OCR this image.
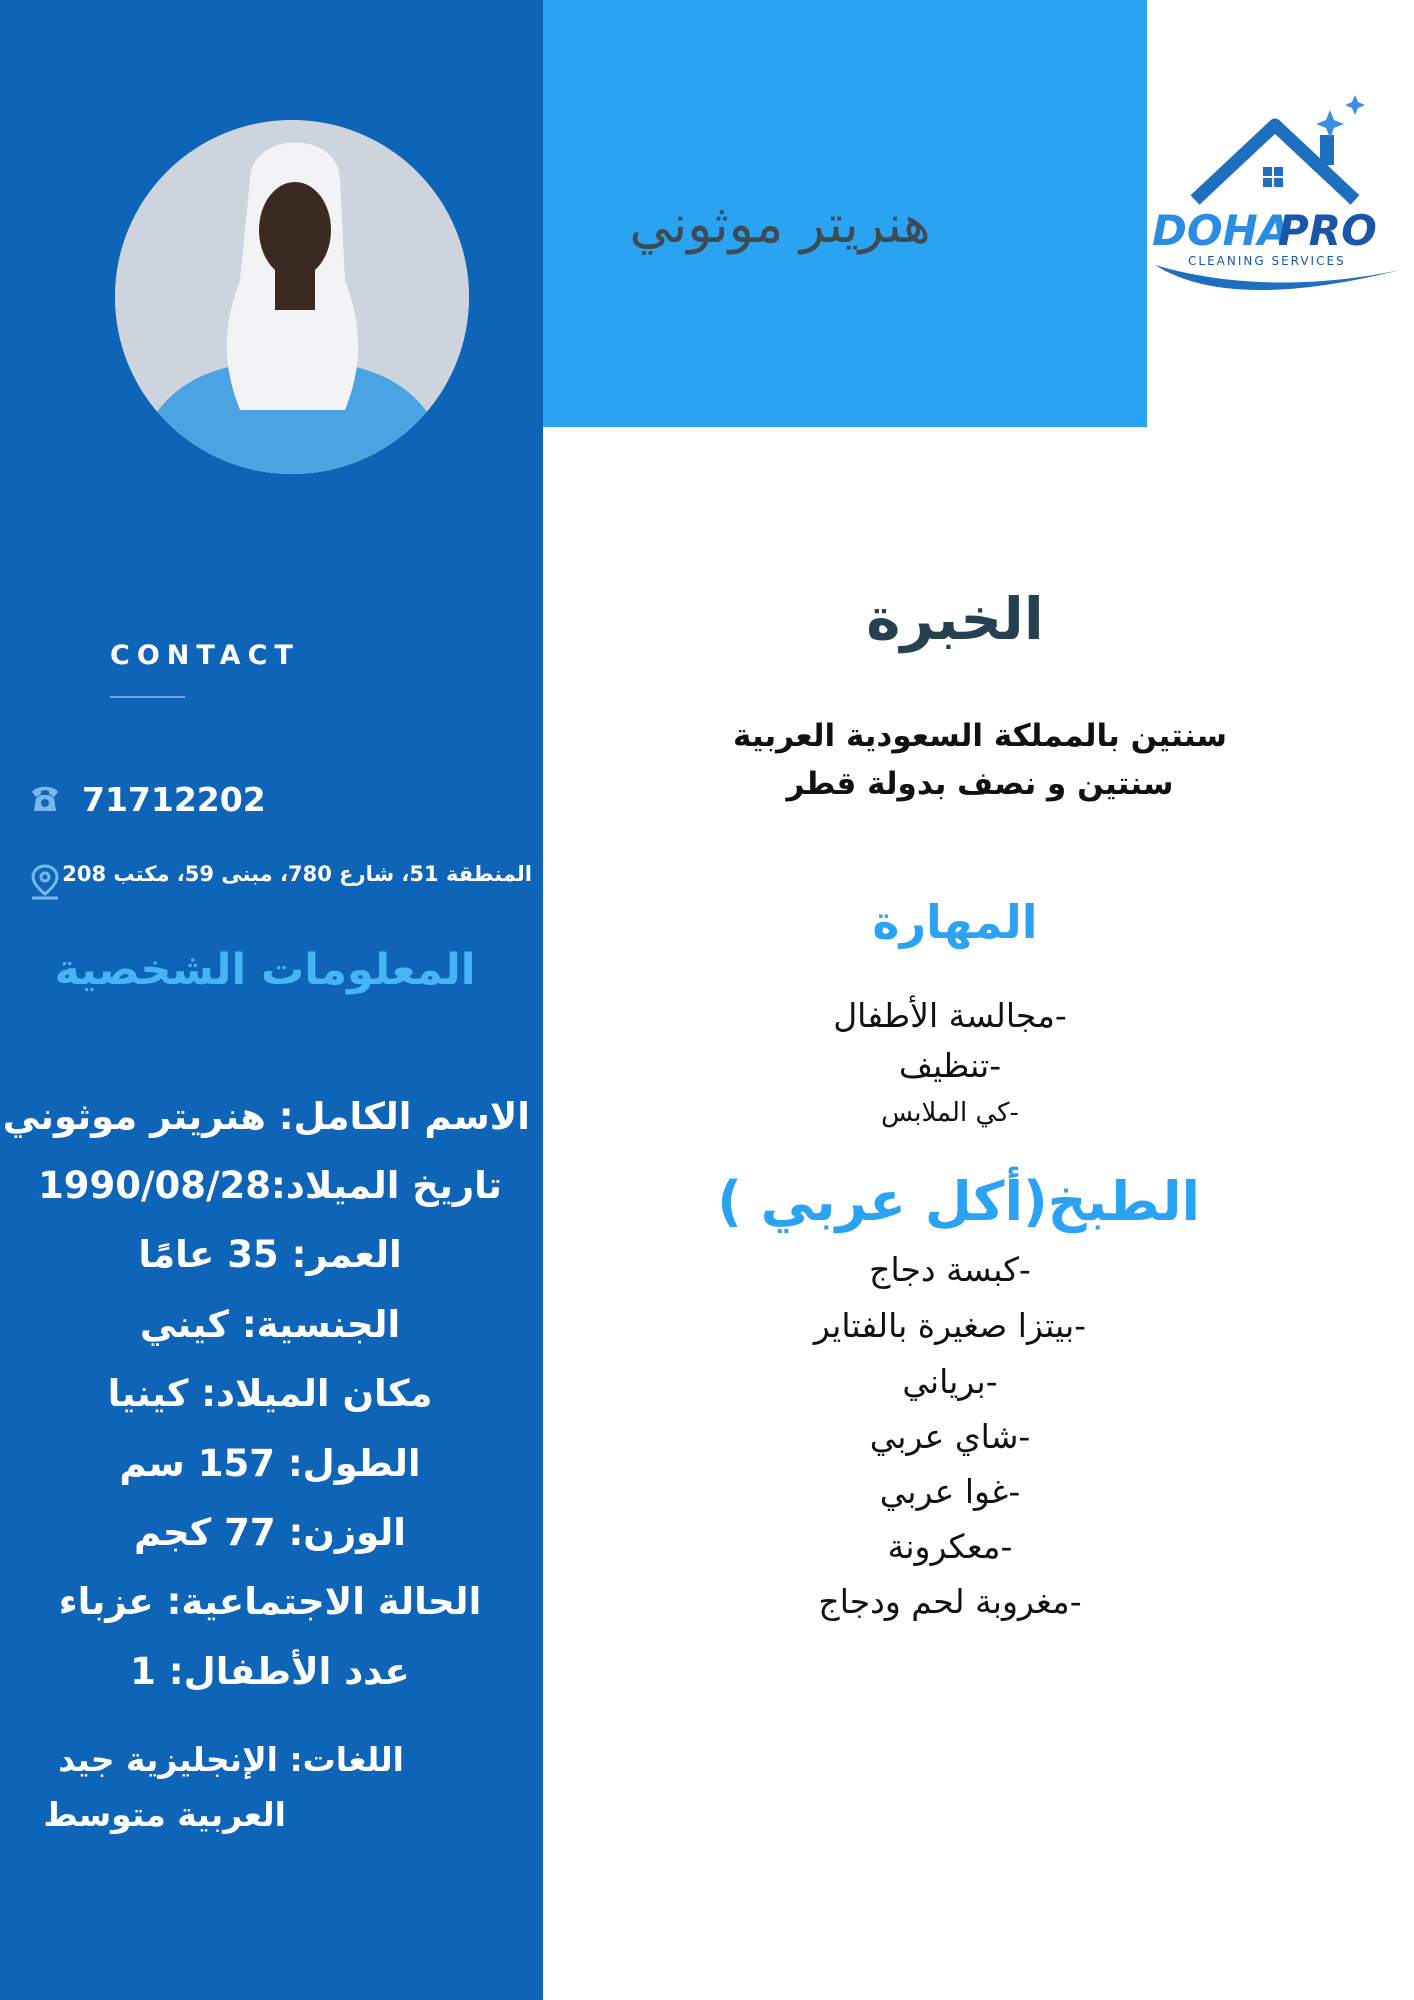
هنريتر موثوني	DOHA
PRO
CLEANING SERVICES
CONTACT
71712202
المنطقة 51، شارع 780، مبنى 59، مكتب 208
المعلومات الشخصية
الاسم الكامل: هنريتر موثوني
تاريخ الميلاد:1990/08/28
العمر: 35 عامًا
الجنسية: كيني
مكان الميلاد: كينيا
الطول: 157 سم
الوزن: 77 كجم
الحالة الاجتماعية: عزباء
عدد الأطفال: 1
اللغات: الإنجليزية جيد
العربية متوسط
الخبرة
سنتين بالمملكة السعودية العربية
سنتين و نصف بدولة قطر
المهارة
-مجالسة الأطفال
-تنظيف
-كي الملابس
الطبخ(أكل عربي )
-كبسة دجاج
-بيتزا صغيرة بالفتاير
-برياني
-شاي عربي
-غوا عربي
-معكرونة
-مغروبة لحم ودجاج
